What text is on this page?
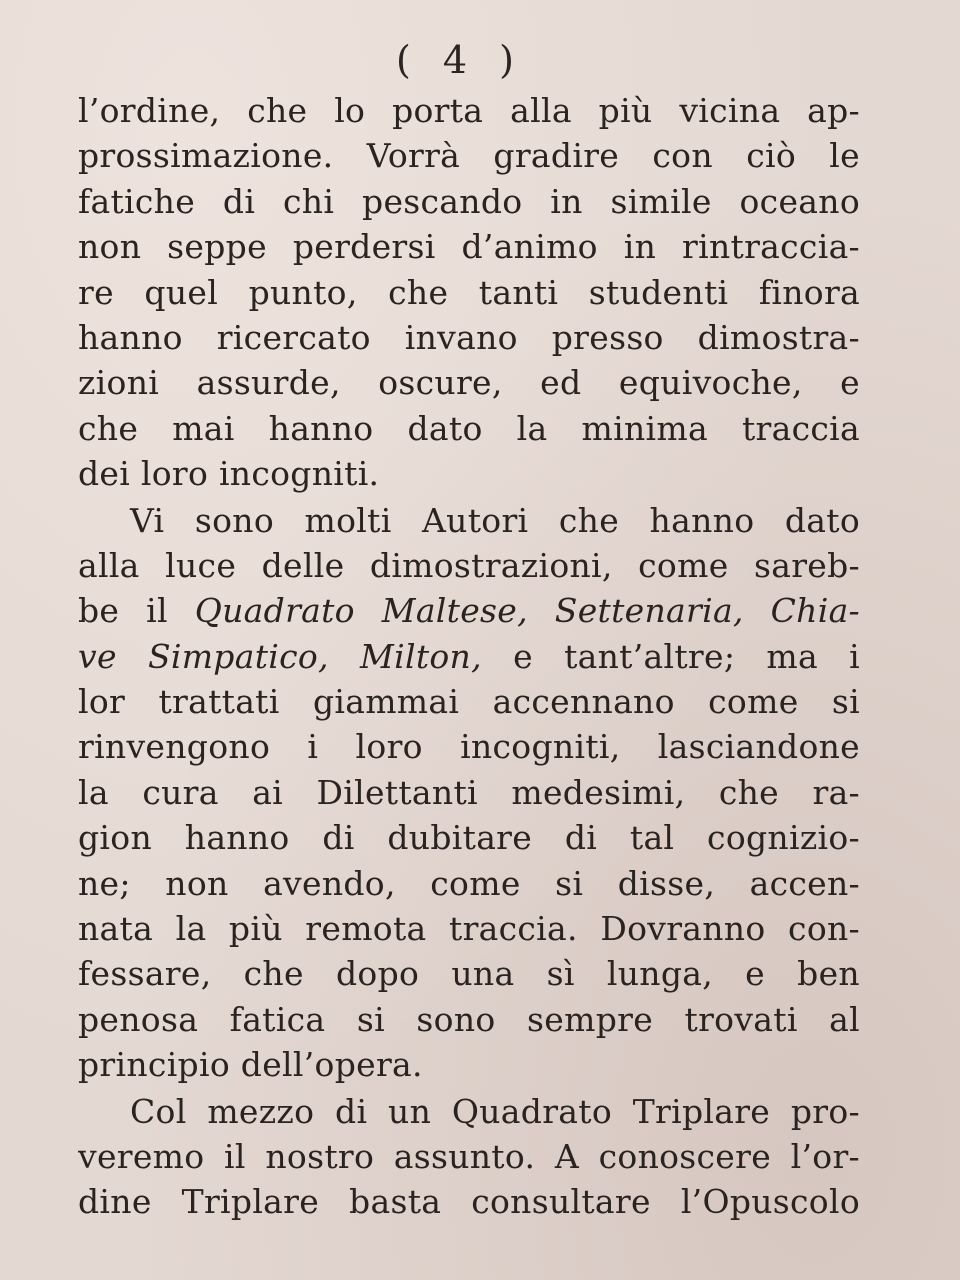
( 4 )
l’ordine, che lo porta alla più vicina ap-
prossimazione. Vorrà gradire con ciò le
fatiche di chi pescando in simile oceano
non seppe perdersi d’animo in rintraccia-
re quel punto, che tanti studenti finora
hanno ricercato invano presso dimostra-
zioni assurde, oscure, ed equivoche, e
che mai hanno dato la minima traccia
dei loro incogniti.
Vi sono molti Autori che hanno dato
alla luce delle dimostrazioni, come sareb-
be il Quadrato Maltese, Settenaria, Chia-
ve Simpatico, Milton, e tant’altre; ma i
lor trattati giammai accennano come si
rinvengono i loro incogniti, lasciandone
la cura ai Dilettanti medesimi, che ra-
gion hanno di dubitare di tal cognizio-
ne; non avendo, come si disse, accen-
nata la più remota traccia. Dovranno con-
fessare, che dopo una sì lunga, e ben
penosa fatica si sono sempre trovati al
principio dell’opera.
Col mezzo di un Quadrato Triplare pro-
veremo il nostro assunto. A conoscere l’or-
dine Triplare basta consultare l’Opuscolo
